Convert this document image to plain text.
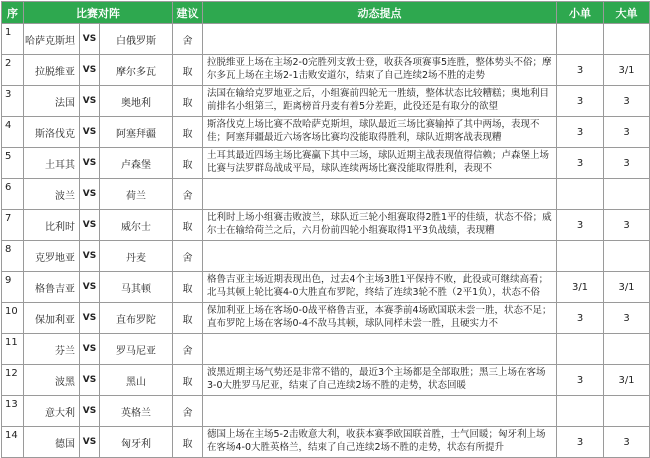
序	比赛对阵			建议	动态提点	小单	大单
1	哈萨克斯坦	VS	白俄罗斯	舍			
2	拉脱维亚	VS	摩尔多瓦	取	拉脱维亚上场在主场2-0完胜列支敦士登，收获各项赛事5连胜，整体势头不俗；摩尔多瓦上场在主场2-1击败安道尔，结束了自己连续2场不胜的走势	3	3/1
3	法国	VS	奥地利	取	法国在输给克罗地亚之后，小组赛前四轮无一胜绩，整体状态比较糟糕；奥地利目前排名小组第三，距离榜首丹麦有着5分差距，此役还是有取分的欲望	3	3
4	斯洛伐克	VS	阿塞拜疆	取	斯洛伐克上场比赛不敌哈萨克斯坦，球队最近三场比赛输掉了其中两场，表现不佳；阿塞拜疆最近六场客场比赛均没能取得胜利，球队近期客战表现糟	3	3
5	土耳其	VS	卢森堡	取	土耳其最近四场主场比赛赢下其中三场，球队近期主战表现值得信赖；卢森堡上场比赛与法罗群岛战成平局，球队连续两场比赛没能取得胜利，表现不	3	3
6	波兰	VS	荷兰	舍			
7	比利时	VS	威尔士	取	比利时上场小组赛击败波兰，球队近三轮小组赛取得2胜1平的佳绩，状态不俗；威尔士在输给荷兰之后，六月份前四轮小组赛取得1平3负战绩，表现糟	3	3
8	克罗地亚	VS	丹麦	舍			
9	格鲁吉亚	VS	马其顿	取	格鲁吉亚主场近期表现出色，过去4个主场3胜1平保持不败，此役或可继续高看；北马其顿上轮比赛4-0大胜直布罗陀，终结了连续3轮不胜（2平1负），状态不俗	3/1	3/1
10	保加利亚	VS	直布罗陀	取	保加利亚上场在客场0-0战平格鲁吉亚，本赛季前4场欧国联未尝一胜，状态不足；直布罗陀上场在客场0-4不敌马其顿，球队同样未尝一胜，且硬实力不	3	3
11	芬兰	VS	罗马尼亚	舍			
12	波黑	VS	黑山	取	波黑近期主场气势还是非常不错的，最近3个主场都是全部取胜；黑三上场在客场3-0大胜罗马尼亚，结束了自己连续2场不胜的走势，状态回暖	3	3/1
13	意大利	VS	英格兰	舍			
14	德国	VS	匈牙利	取	德国上场在主场5-2击败意大利，收获本赛季欧国联首胜，士气回暖；匈牙利上场在客场4-0大胜英格兰，结束了自己连续2场不胜的走势，状态有所提升	3	3
